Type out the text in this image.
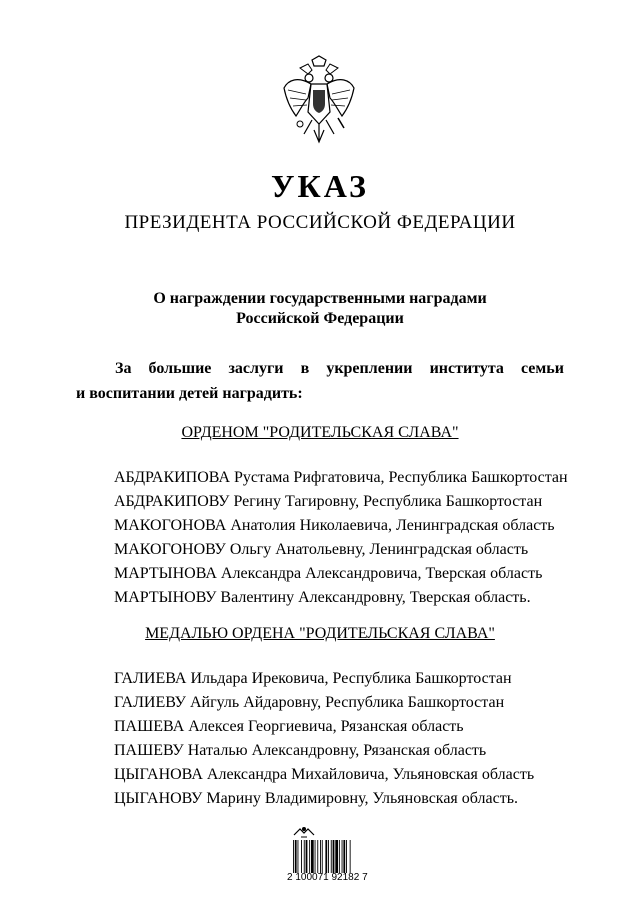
УКАЗ
ПРЕЗИДЕНТА РОССИЙСКОЙ ФЕДЕРАЦИИ
О награждении государственными наградами
Российской Федерации
За большие заслуги в укреплении института семьи
и воспитании детей наградить:
ОРДЕНОМ "РОДИТЕЛЬСКАЯ СЛАВА"
АБДРАКИПОВА Рустама Рифгатовича, Республика Башкортостан
АБДРАКИПОВУ Регину Тагировну, Республика Башкортостан
МАКОГОНОВА Анатолия Николаевича, Ленинградская область
МАКОГОНОВУ Ольгу Анатольевну, Ленинградская область
МАРТЫНОВА Александра Александровича, Тверская область
МАРТЫНОВУ Валентину Александровну, Тверская область.
МЕДАЛЬЮ ОРДЕНА "РОДИТЕЛЬСКАЯ СЛАВА"
ГАЛИЕВА Ильдара Ирековича, Республика Башкортостан
ГАЛИЕВУ Айгуль Айдаровну, Республика Башкортостан
ПАШЕВА Алексея Георгиевича, Рязанская область
ПАШЕВУ Наталью Александровну, Рязанская область
ЦЫГАНОВА Александра Михайловича, Ульяновская область
ЦЫГАНОВУ Марину Владимировну, Ульяновская область.
2 100071 92182 7
